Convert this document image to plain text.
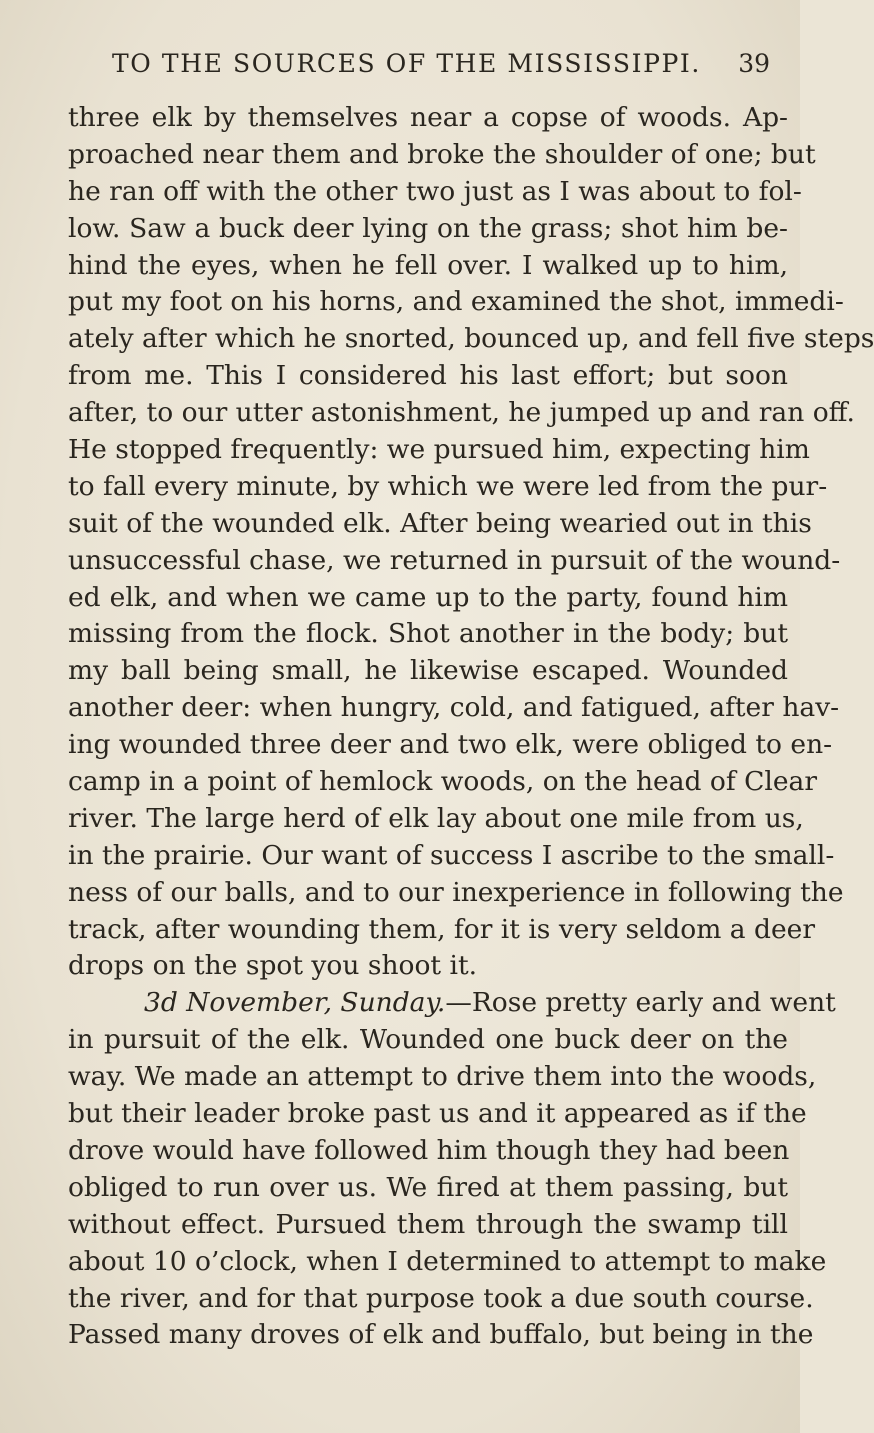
TO THE SOURCES OF THE MISSISSIPPI. 39
three elk by themselves near a copse of woods. Ap-
proached near them and broke the shoulder of one; but
he ran off with the other two just as I was about to fol-
low. Saw a buck deer lying on the grass; shot him be-
hind the eyes, when he fell over. I walked up to him,
put my foot on his horns, and examined the shot, immedi-
ately after which he snorted, bounced up, and fell five steps
from me. This I considered his last effort; but soon
after, to our utter astonishment, he jumped up and ran off.
He stopped frequently: we pursued him, expecting him
to fall every minute, by which we were led from the pur-
suit of the wounded elk. After being wearied out in this
unsuccessful chase, we returned in pursuit of the wound-
ed elk, and when we came up to the party, found him
missing from the flock. Shot another in the body; but
my ball being small, he likewise escaped. Wounded
another deer: when hungry, cold, and fatigued, after hav-
ing wounded three deer and two elk, were obliged to en-
camp in a point of hemlock woods, on the head of Clear
river. The large herd of elk lay about one mile from us,
in the prairie. Our want of success I ascribe to the small-
ness of our balls, and to our inexperience in following the
track, after wounding them, for it is very seldom a deer
drops on the spot you shoot it.
3d November, Sunday.—Rose pretty early and went
in pursuit of the elk. Wounded one buck deer on the
way. We made an attempt to drive them into the woods,
but their leader broke past us and it appeared as if the
drove would have followed him though they had been
obliged to run over us. We fired at them passing, but
without effect. Pursued them through the swamp till
about 10 o’clock, when I determined to attempt to make
the river, and for that purpose took a due south course.
Passed many droves of elk and buffalo, but being in the
